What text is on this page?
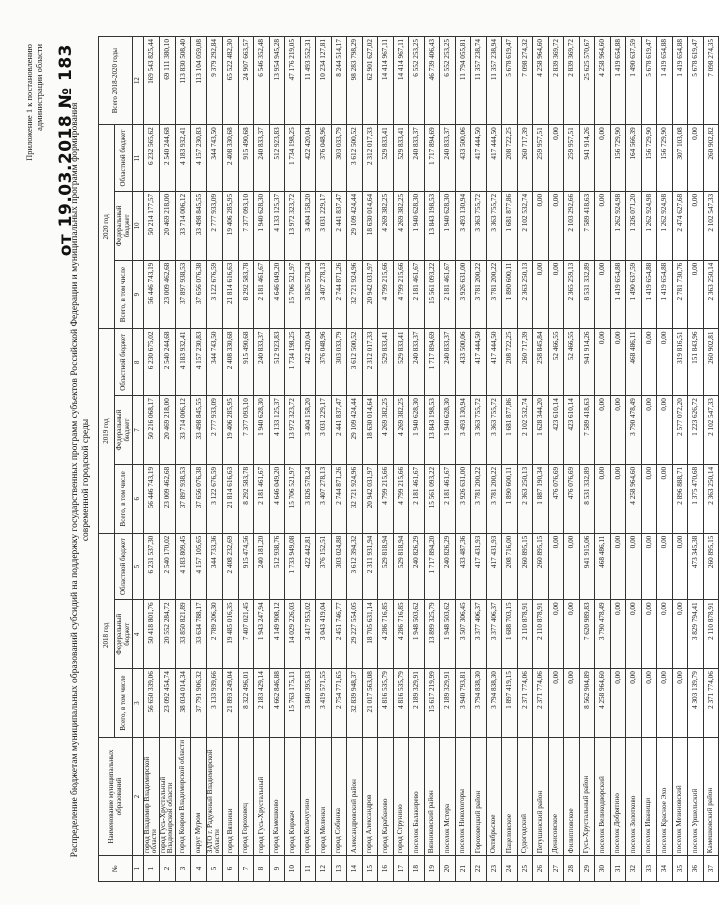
Приложение 1 к постановлению администрации области от 19.03.2018 № 183
Распределение бюджетам муниципальных образований субсидий на поддержку государственных программ субъектов Российской Федерации и муниципальных программ формирования современной городской среды
№	Наименование муниципальных образований	2018 год			2019 год			2020 год			Всего 2018-2020 годы
		Всего, в том числе	Федеральный бюджет	Областной бюджет	Всего, в том числе	Федеральный бюджет	Областной бюджет	Всего, в том числе	Федеральный бюджет	Областной бюджет	
1	2	3	4	5	6	7	8	9	10	11	12
1	город Владимир Владимирской области	56 650 339,06	50 418 801,76	6 231 537,30	56 446 743,19	50 216 068,17	6 230 675,02	56 446 743,19	50 214 177,57	6 232 565,62	169 543 825,44
2	город Гусь-Хрустальный Владимирской области	23 092 454,74	20 552 284,72	2 540 170,02	23 009 462,68	20 469 218,00	2 540 244,68	23 009 462,68	20 469 218,00	2 540 244,68	69 111 380,10
3	город Ковров Владимирской области	38 034 014,34	33 850 821,89	4 183 809,45	37 897 938,53	33 714 006,12	4 183 932,41	37 897 938,53	33 714 006,12	4 183 932,41	113 830 508,40
4	округ Муром	37 791 906,32	33 634 788,17	4 157 105,65	37 656 076,38	33 498 845,55	4 157 230,83	37 656 076,38	33 498 845,55	4 157 230,83	113 104 059,08
5	ЗАТО г. Радужный Владимирской области	3 133 939,66	2 789 206,30	344 733,36	3 122 676,59	2 777 933,09	344 743,50	3 122 676,59	2 777 933,09	344 743,50	9 379 292,84
6	город Вязники	21 893 249,04	19 485 016,35	2 408 232,69	21 814 616,63	19 406 285,95	2 408 330,68	21 814 616,63	19 406 285,95	2 408 330,68	65 522 482,30
7	город Гороховец	8 322 496,01	7 407 021,45	915 474,56	8 292 583,78	7 377 093,10	915 490,68	8 292 583,78	7 377 093,10	915 490,68	24 907 663,57
8	город Гусь-Хрустальный	2 183 429,14	1 943 247,94	240 181,20	2 181 461,67	1 940 628,30	240 833,37	2 181 461,67	1 940 628,30	240 833,37	6 546 352,48
9	город Камешково	4 662 846,88	4 149 908,12	512 938,76	4 646 049,20	4 133 125,37	512 923,83	4 646 049,20	4 133 125,37	512 923,83	13 954 945,28
10	город Киржач	15 763 175,11	14 029 226,03	1 733 949,08	15 706 521,97	13 972 323,72	1 734 198,25	15 706 521,97	13 972 323,72	1 734 198,25	47 176 219,05
11	город Кольчугино	3 840 395,83	3 417 953,02	422 442,81	3 826 578,24	3 404 158,20	422 420,04	3 826 578,24	3 404 158,20	422 420,04	11 493 552,31
12	город Меленки	3 419 571,55	3 043 419,04	376 152,51	3 407 278,13	3 031 229,17	376 048,96	3 407 278,13	3 031 229,17	376 048,96	10 234 127,81
13	город Собинка	2 754 771,65	2 451 746,77	303 024,88	2 744 871,26	2 441 837,47	303 033,79	2 744 871,26	2 441 837,47	303 033,79	8 244 514,17
14	Александровский район	32 839 948,37	29 227 554,05	3 612 394,32	32 721 924,96	29 109 424,44	3 612 500,52	32 721 924,96	29 109 424,44	3 612 500,52	98 283 798,29
15	город Александров	21 017 563,08	18 705 631,14	2 311 931,94	20 942 031,97	18 630 014,64	2 312 017,33	20 942 031,97	18 630 014,64	2 312 017,33	62 901 627,02
16	город Карабаново	4 816 535,79	4 286 716,85	529 818,94	4 799 215,66	4 269 382,25	529 833,41	4 799 215,66	4 269 382,25	529 833,41	14 414 967,11
17	город Струнино	4 816 535,79	4 286 716,85	529 818,94	4 799 215,66	4 269 382,25	529 833,41	4 799 215,66	4 269 382,25	529 833,41	14 414 967,11
18	поселок Балакирево	2 189 329,91	1 948 503,62	240 826,29	2 181 461,67	1 940 628,30	240 833,37	2 181 461,67	1 940 628,30	240 833,37	6 552 253,25
19	Вязниковский район	15 617 219,99	13 899 325,79	1 717 894,20	15 561 093,22	13 843 198,53	1 717 894,69	15 561 093,22	13 843 198,53	1 717 894,69	46 739 406,43
20	поселок Мстера	2 189 329,91	1 948 503,62	240 826,29	2 181 461,67	1 940 628,30	240 833,37	2 181 461,67	1 940 628,30	240 833,37	6 552 253,25
21	поселок Никологоры	3 940 793,81	3 507 306,45	433 487,36	3 926 631,00	3 493 130,94	433 500,06	3 926 631,00	3 493 130,94	433 500,06	11 794 055,81
22	Гороховецкий район	3 794 838,30	3 377 406,37	417 431,93	3 781 200,22	3 363 755,72	417 444,50	3 781 200,22	3 363 755,72	417 444,50	11 357 238,74
23	Октябрьское	3 794 838,30	3 377 406,37	417 431,93	3 781 200,22	3 363 755,72	417 444,50	3 781 200,22	3 363 755,72	417 444,50	11 357 238,94
24	Пацеловское	1 897 419,15	1 688 703,15	208 716,00	1 890 600,11	1 681 877,86	208 722,25	1 890 600,11	1 681 877,86	208 722,25	5 678 619,47
25	Судогодский	2 371 774,06	2 110 878,91	260 895,15	2 363 250,13	2 102 532,74	260 717,39	2 363 250,13	2 102 532,74	260 717,39	7 098 274,32
26	Петушинский район	2 371 774,06	2 110 878,91	260 895,15	1 887 190,34	1 628 344,20	258 845,84	0,00	0,00	259 957,51	4 258 964,60
27	Денисовское	0,00	0,00	0,00	476 076,69	423 610,14	52 466,55	0,00	0,00	0,00	2 839 369,72
28	Филипповское	0,00	0,00	0,00	476 076,69	423 610,14	52 466,55	2 365 259,13	2 103 292,66	259 957,51	2 839 369,72
29	Гусь-Хрустальный район	8 562 904,89	7 620 989,83	941 915,06	8 531 332,89	7 589 418,63	941 914,26	8 531 332,89	7 589 418,63	941 914,26	25 625 570,67
30	поселок Великодворский	4 258 964,60	3 790 478,49	468 486,11	0,00	0,00	0,00	0,00	0,00	0,00	4 258 964,60
31	поселок Добрятино	0,00	0,00	0,00	0,00	0,00	0,00	1 419 654,88	1 262 924,98	156 729,90	1 419 654,88
32	поселок Золотково	0,00	0,00	0,00	4 258 964,60	3 790 478,49	468 486,11	1 490 637,59	1 326 071,20	164 566,39	1 490 637,59
33	поселок Иванищи	0,00	0,00	0,00	0,00	0,00	0,00	1 419 654,88	1 262 924,98	156 729,90	5 678 619,47
34	поселок Красное Эхо	0,00	0,00	0,00	0,00	0,00	0,00	1 419 654,88	1 262 924,98	156 729,90	1 419 654,88
35	поселок Мезиновский	0,00	0,00	0,00	2 896 888,71	2 577 072,20	319 816,51	2 781 730,76	2 474 627,68	307 103,08	1 419 654,88
36	поселок Уршельский	4 303 139,79	3 829 794,41	473 345,38	1 375 470,68	1 223 626,72	151 843,96	0,00	0,00	0,00	5 678 619,47
37	Камешковский район	2 371 774,06	2 110 878,91	260 895,15	2 363 250,14	2 102 547,33	260 902,81	2 363 250,14	2 102 547,33	260 902,82	7 098 274,35
